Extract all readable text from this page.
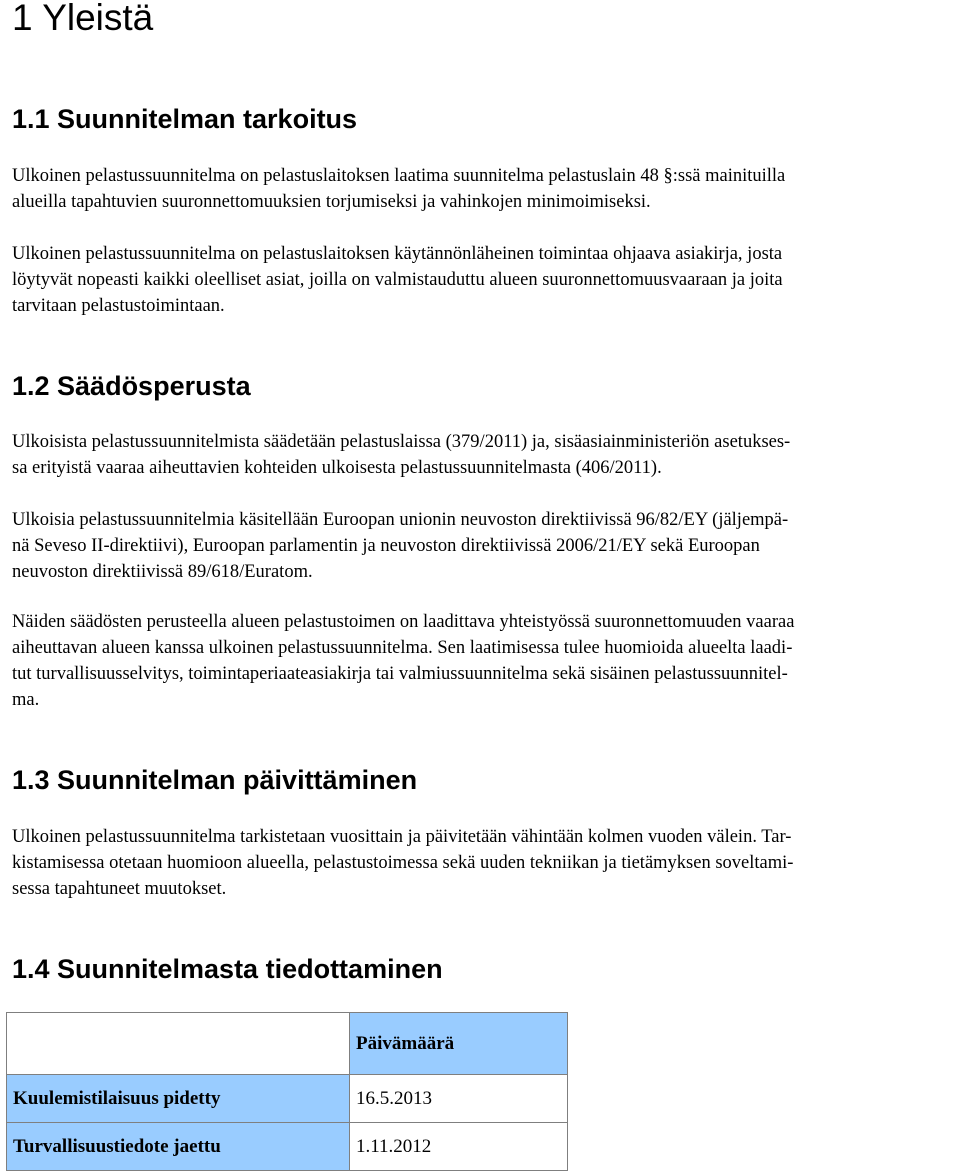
1 Yleistä
1.1 Suunnitelman tarkoitus

Ulkoinen pelastussuunnitelma on pelastuslaitoksen laatima suunnitelma pelastuslain 48 §:ssä mainituilla
alueilla tapahtuvien suuronnettomuuksien torjumiseksi ja vahinkojen minimoimiseksi.

Ulkoinen pelastussuunnitelma on pelastuslaitoksen käytännönläheinen toimintaa ohjaava asiakirja, josta
löytyvät nopeasti kaikki oleelliset asiat, joilla on valmistauduttu alueen suuronnettomuusvaaraan ja joita
tarvitaan pelastustoimintaan.

1.2 Säädösperusta

Ulkoisista pelastussuunnitelmista säädetään pelastuslaissa (379/2011) ja, sisäasiainministeriön asetukses-
sa erityistä vaaraa aiheuttavien kohteiden ulkoisesta pelastussuunnitelmasta (406/2011).

Ulkoisia pelastussuunnitelmia käsitellään Euroopan unionin neuvoston direktiivissä 96/82/EY (jäljempä-
nä Seveso II-direktiivi), Euroopan parlamentin ja neuvoston direktiivissä 2006/21/EY sekä Euroopan
neuvoston direktiivissä 89/618/Euratom.

Näiden säädösten perusteella alueen pelastustoimen on laadittava yhteistyössä suuronnettomuuden vaaraa
aiheuttavan alueen kanssa ulkoinen pelastussuunnitelma. Sen laatimisessa tulee huomioida alueelta laadi-
tut turvallisuusselvitys, toimintaperiaateasiakirja tai valmiussuunnitelma sekä sisäinen pelastussuunnitel-
ma.

1.3 Suunnitelman päivittäminen

Ulkoinen pelastussuunnitelma tarkistetaan vuosittain ja päivitetään vähintään kolmen vuoden välein. Tar-
kistamisessa otetaan huomioon alueella, pelastustoimessa sekä uuden tekniikan ja tietämyksen soveltami-
sessa tapahtuneet muutokset.

1.4 Suunnitelmasta tiedottaminen
	Päivämäärä
Kuulemistilaisuus pidetty	16.5.2013
Turvallisuustiedote jaettu	1.11.2012
